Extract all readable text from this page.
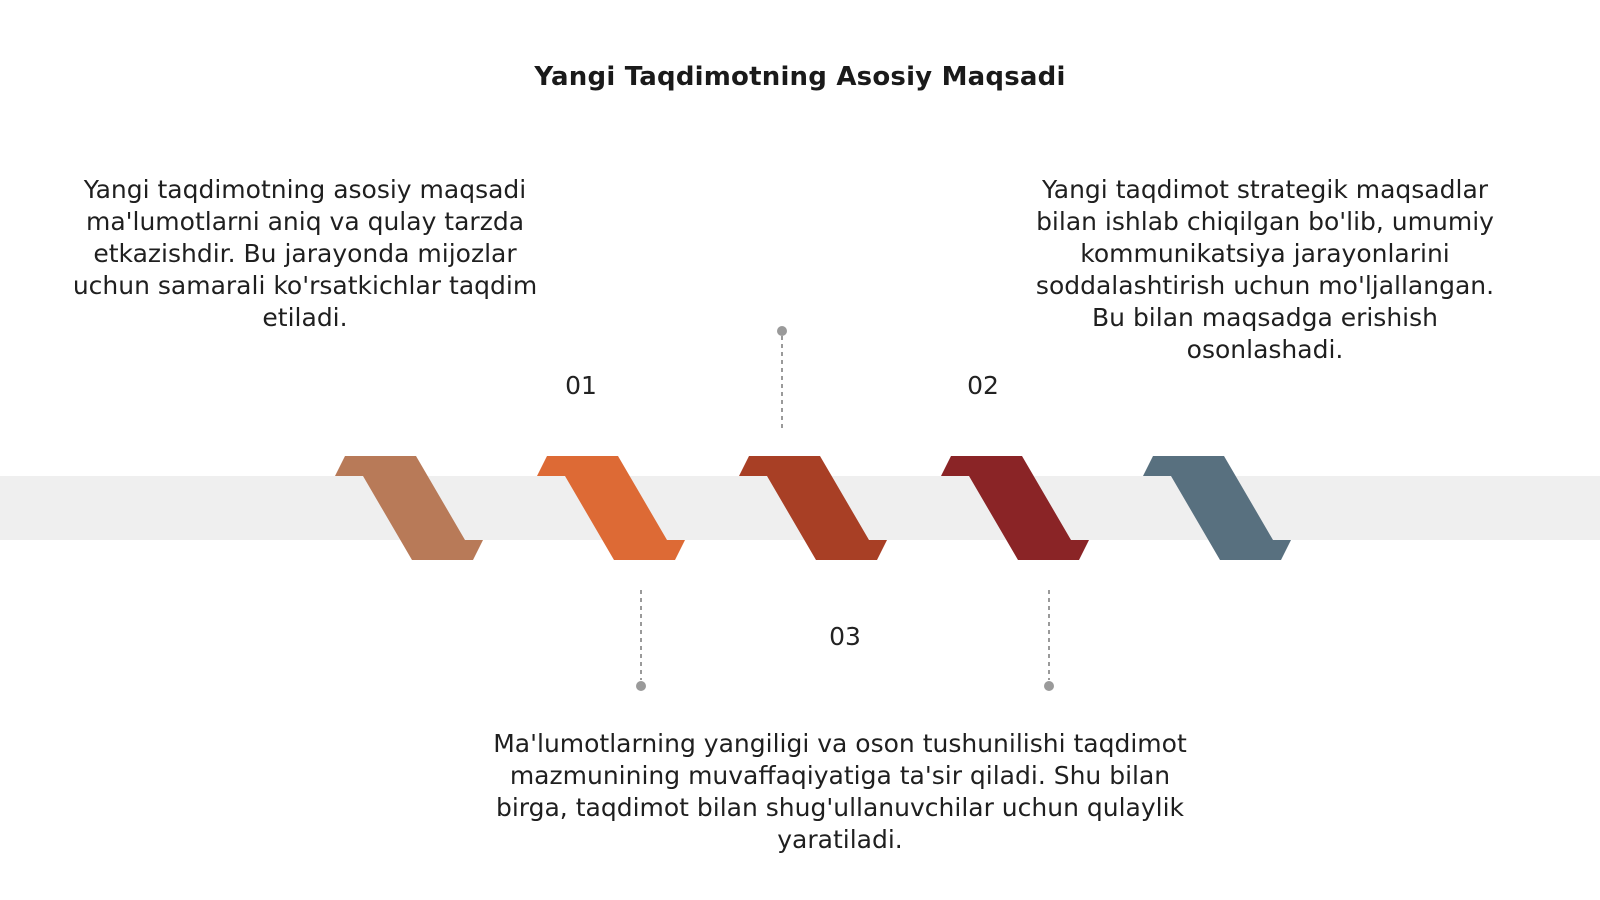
Yangi Taqdimotning Asosiy Maqsadi
01	02
03
Yangi taqdimotning asosiy maqsadi ma'lumotlarni aniq va qulay tarzda etkazishdir. Bu jarayonda mijozlar uchun samarali ko'rsatkichlar taqdim etiladi.
Yangi taqdimot strategik maqsadlar bilan ishlab chiqilgan bo'lib, umumiy kommunikatsiya jarayonlarini soddalashtirish uchun mo'ljallangan. Bu bilan maqsadga erishish osonlashadi.
Ma'lumotlarning yangiligi va oson tushunilishi taqdimot mazmunining muvaffaqiyatiga ta'sir qiladi. Shu bilan birga, taqdimot bilan shug'ullanuvchilar uchun qulaylik yaratiladi.
